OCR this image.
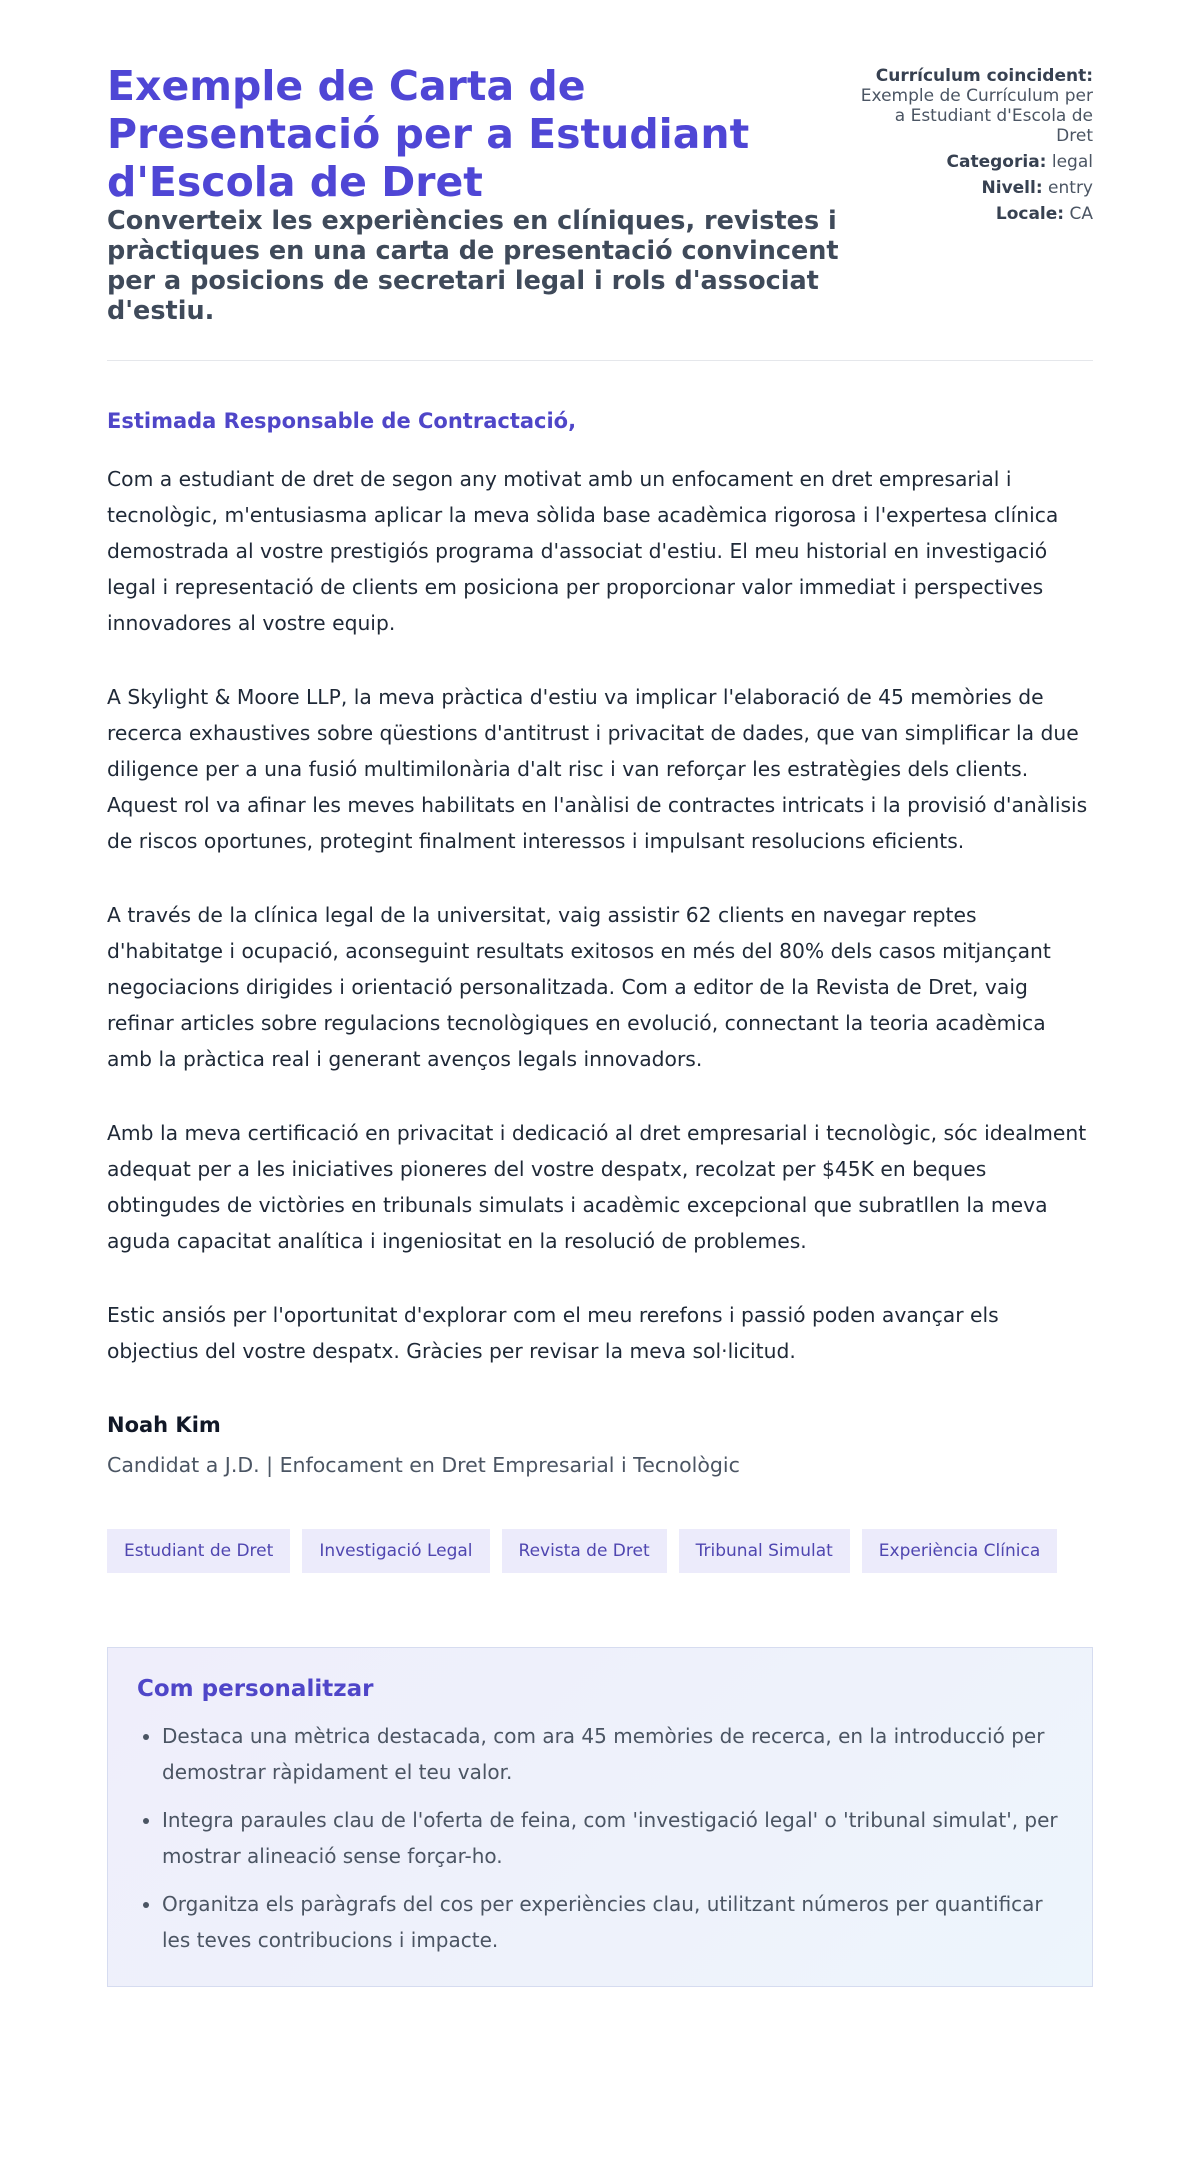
Exemple de Carta de Presentació per a Estudiant d'Escola de Dret
Converteix les experiències en clíniques, revistes i pràctiques en una carta de presentació convincent per a posicions de secretari legal i rols d'associat d'estiu.
Currículum coincident:
Exemple de Currículum per a Estudiant d'Escola de Dret
Categoria: legal
Nivell: entry
Locale: CA
Estimada Responsable de Contractació,

Com a estudiant de dret de segon any motivat amb un enfocament en dret empresarial i tecnològic, m'entusiasma aplicar la meva sòlida base acadèmica rigorosa i l'expertesa clínica demostrada al vostre prestigiós programa d'associat d'estiu. El meu historial en investigació legal i representació de clients em posiciona per proporcionar valor immediat i perspectives innovadores al vostre equip.

A Skylight & Moore LLP, la meva pràctica d'estiu va implicar l'elaboració de 45 memòries de recerca exhaustives sobre qüestions d'antitrust i privacitat de dades, que van simplificar la due diligence per a una fusió multimilonària d'alt risc i van reforçar les estratègies dels clients. Aquest rol va afinar les meves habilitats en l'anàlisi de contractes intricats i la provisió d'anàlisis de riscos oportunes, protegint finalment interessos i impulsant resolucions eficients.

A través de la clínica legal de la universitat, vaig assistir 62 clients en navegar reptes d'habitatge i ocupació, aconseguint resultats exitosos en més del 80% dels casos mitjançant negociacions dirigides i orientació personalitzada. Com a editor de la Revista de Dret, vaig refinar articles sobre regulacions tecnològiques en evolució, connectant la teoria acadèmica amb la pràctica real i generant avenços legals innovadors.

Amb la meva certificació en privacitat i dedicació al dret empresarial i tecnològic, sóc idealment adequat per a les iniciatives pioneres del vostre despatx, recolzat per $45K en beques obtingudes de victòries en tribunals simulats i acadèmic excepcional que subratllen la meva aguda capacitat analítica i ingeniositat en la resolució de problemes.

Estic ansiós per l'oportunitat d'explorar com el meu rerefons i passió poden avançar els objectius del vostre despatx. Gràcies per revisar la meva sol·licitud.

Noah Kim
Candidat a J.D. | Enfocament en Dret Empresarial i Tecnològic
Estudiant de Dret	Investigació Legal	Revista de Dret	Tribunal Simulat	Experiència Clínica
Com personalitzar
• Destaca una mètrica destacada, com ara 45 memòries de recerca, en la introducció per demostrar ràpidament el teu valor.
• Integra paraules clau de l'oferta de feina, com 'investigació legal' o 'tribunal simulat', per mostrar alineació sense forçar-ho.
• Organitza els paràgrafs del cos per experiències clau, utilitzant números per quantificar les teves contribucions i impacte.
